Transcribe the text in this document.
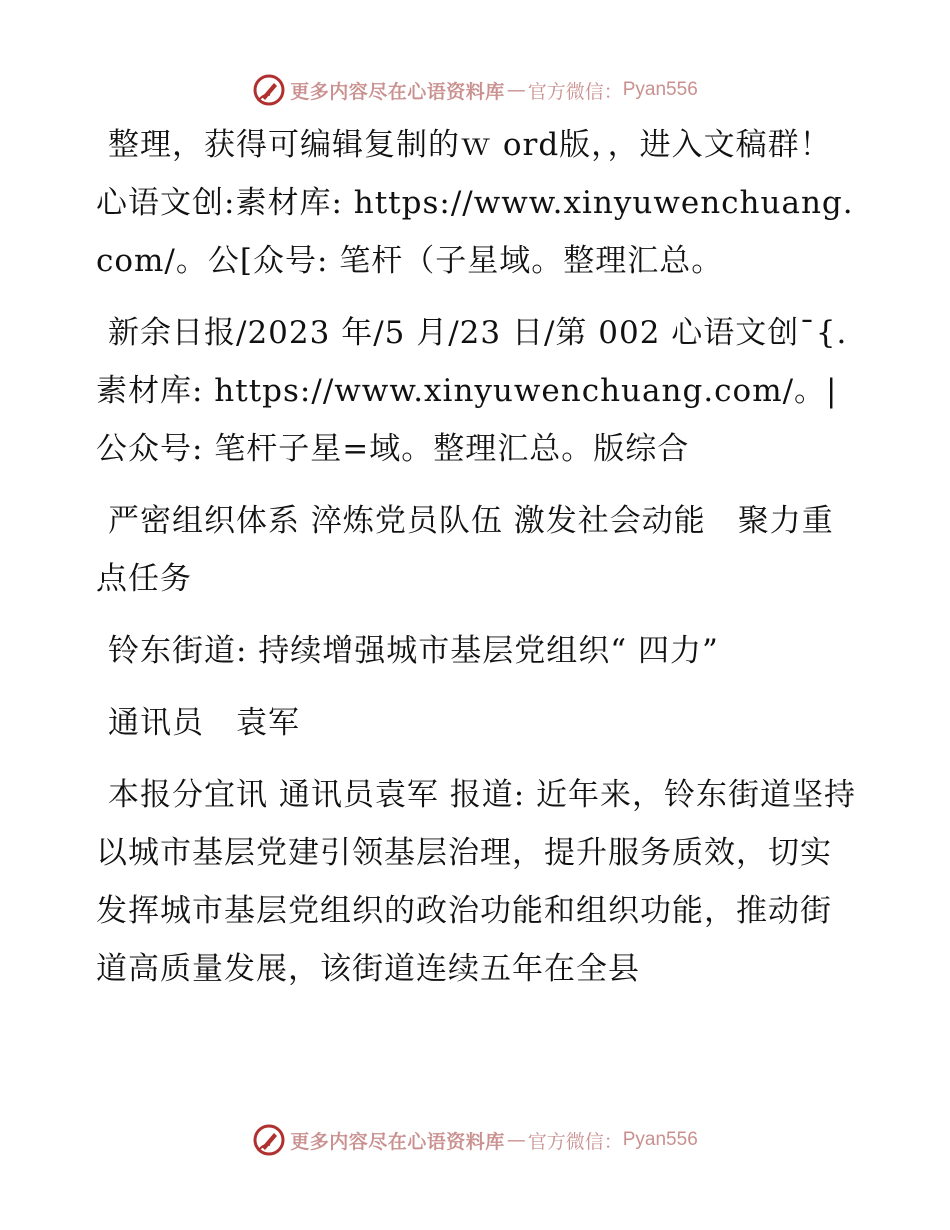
更多内容尽在心语资料库 — 官方微信： Pyan556

整理，获得可编辑复制的ｗ ord版，，进入文稿群！心语文创:素材库: https://www.xinyuwenchuang.com/。公[众号: 笔杆（子星域。整理汇总。

新余日报/2023 年/5 月/23 日/第 002 心语文创¯{.素材库: https://www.xinyuwenchuang.com/。|公众号: 笔杆子星=域。整理汇总。版综合

严密组织体系 淬炼党员队伍 激发社会动能　聚力重点任务

铃东街道: 持续增强城市基层党组织“ 四力”

通讯员　袁军

本报分宜讯 通讯员袁军 报道: 近年来，铃东街道坚持以城市基层党建引领基层治理，提升服务质效，切实发挥城市基层党组织的政治功能和组织功能，推动街道高质量发展，该街道连续五年在全县

更多内容尽在心语资料库 — 官方微信： Pyan556
